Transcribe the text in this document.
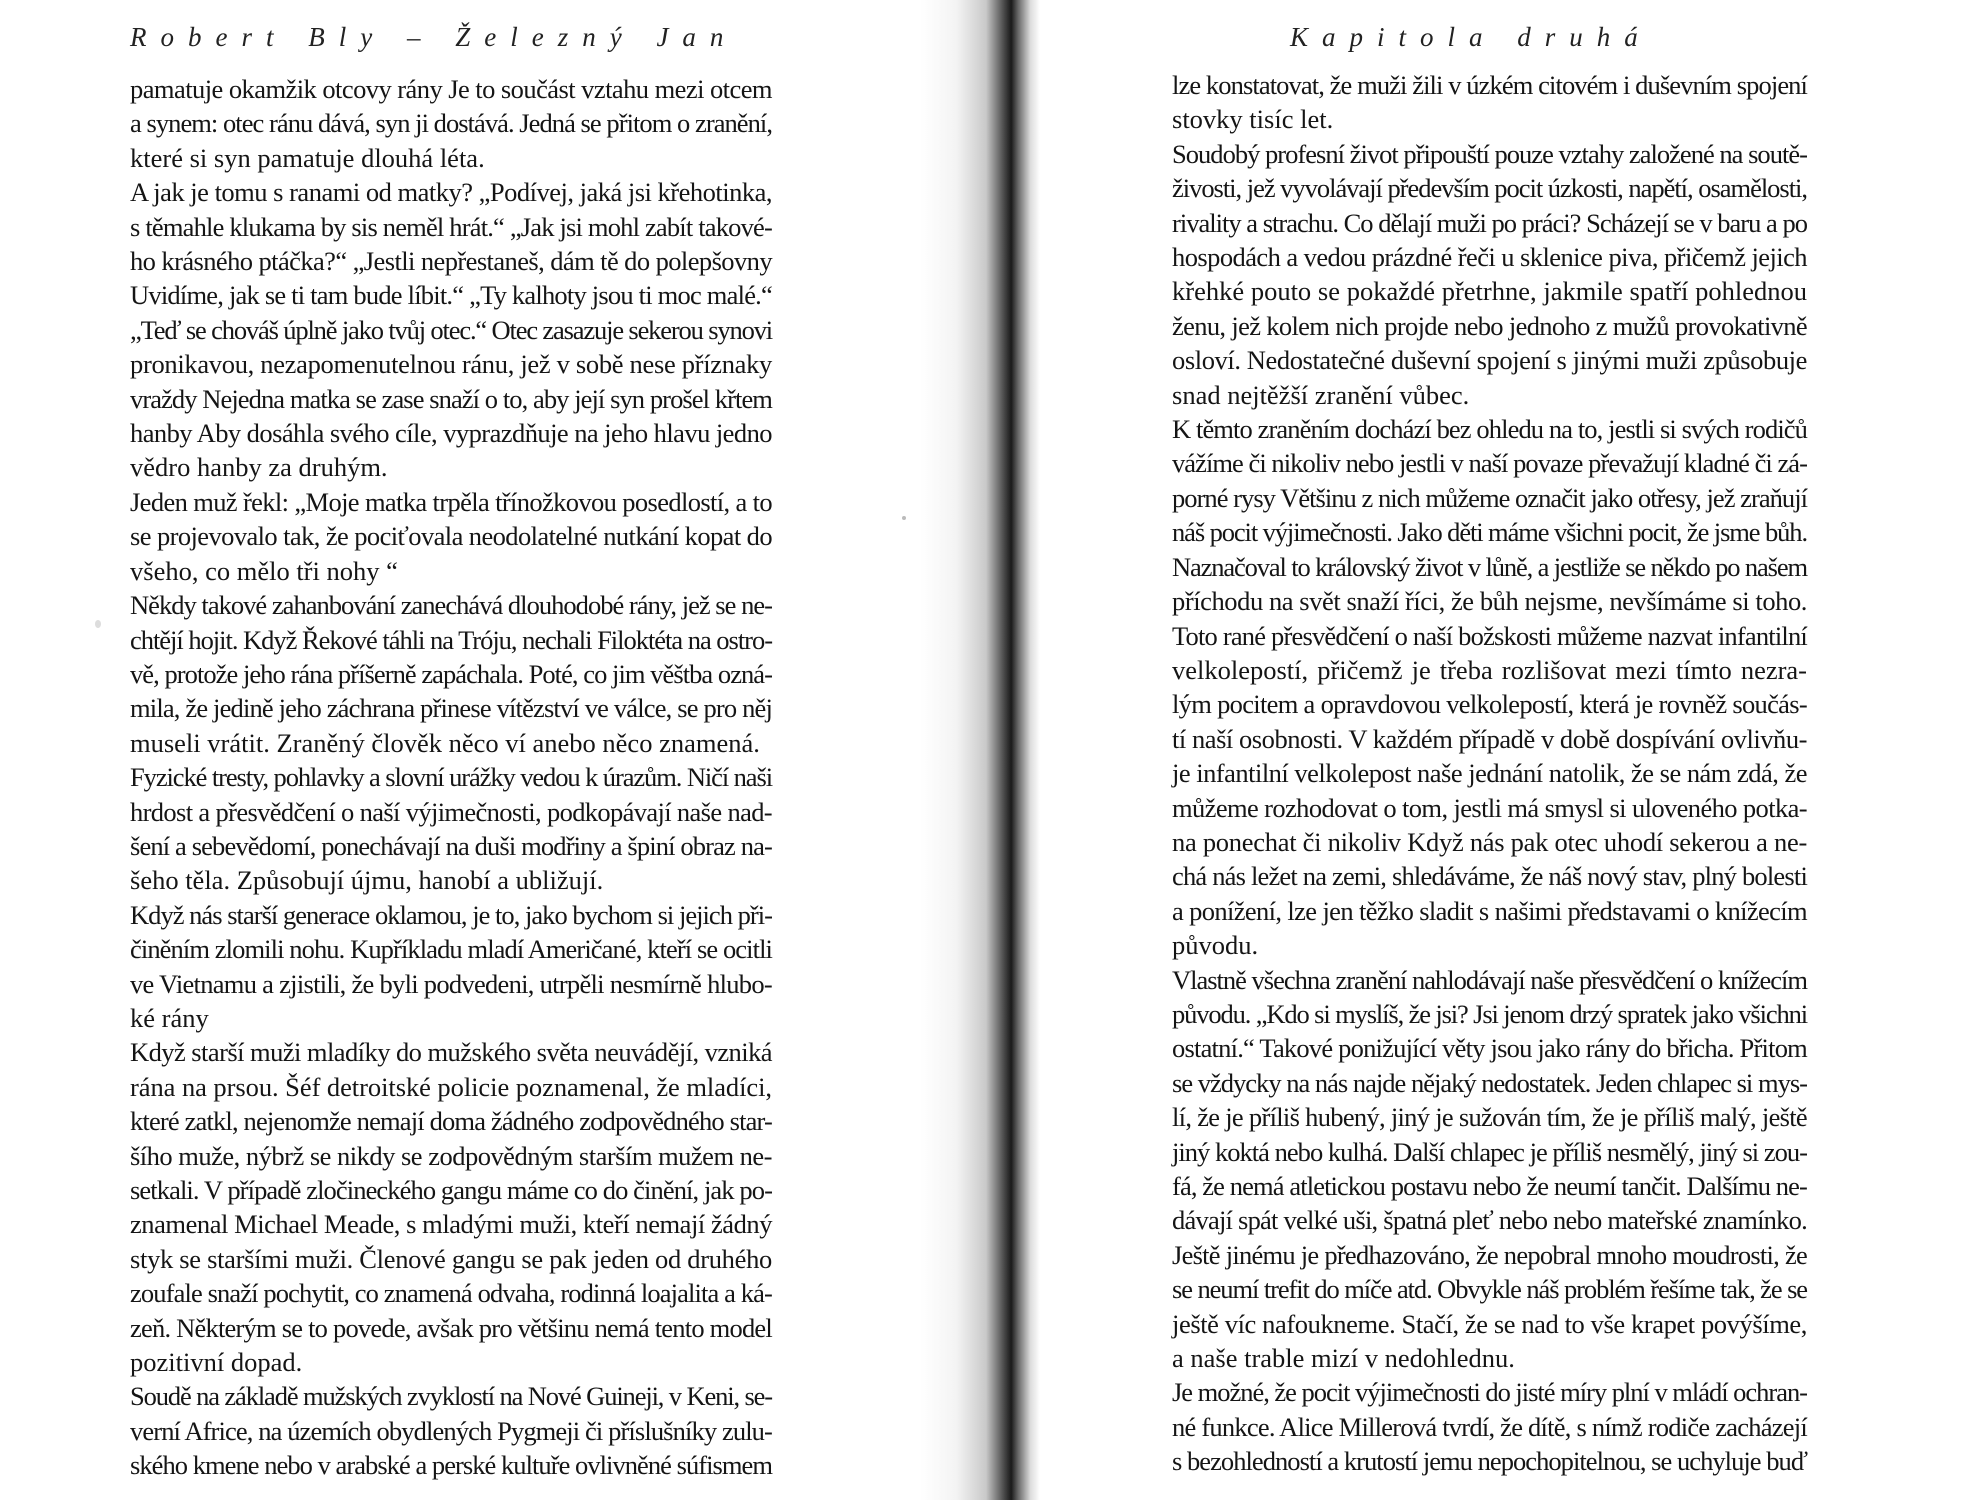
Robert Bly – Železný Jan	Kapitola druhá
pamatuje okamžik otcovy rány Je to součást vztahu mezi otcem
a synem: otec ránu dává, syn ji dostává. Jedná se přitom o zranění,
které si syn pamatuje dlouhá léta.
A jak je tomu s ranami od matky? „Podívej, jaká jsi křehotinka,
s těmahle klukama by sis neměl hrát.“ „Jak jsi mohl zabít takové-
ho krásného ptáčka?“ „Jestli nepřestaneš, dám tě do polepšovny
Uvidíme, jak se ti tam bude líbit.“ „Ty kalhoty jsou ti moc malé.“
„Teď se chováš úplně jako tvůj otec.“ Otec zasazuje sekerou synovi
pronikavou, nezapomenutelnou ránu, jež v sobě nese příznaky
vraždy Nejedna matka se zase snaží o to, aby její syn prošel křtem
hanby Aby dosáhla svého cíle, vyprazdňuje na jeho hlavu jedno
vědro hanby za druhým.
Jeden muž řekl: „Moje matka trpěla třínožkovou posedlostí, a to
se projevovalo tak, že pociťovala neodolatelné nutkání kopat do
všeho, co mělo tři nohy “
Někdy takové zahanbování zanechává dlouhodobé rány, jež se ne-
chtějí hojit. Když Řekové táhli na Tróju, nechali Filoktéta na ostro-
vě, protože jeho rána příšerně zapáchala. Poté, co jim věštba ozná-
mila, že jedině jeho záchrana přinese vítězství ve válce, se pro něj
museli vrátit. Zraněný člověk něco ví anebo něco znamená.
Fyzické tresty, pohlavky a slovní urážky vedou k úrazům. Ničí naši
hrdost a přesvědčení o naší výjimečnosti, podkopávají naše nad-
šení a sebevědomí, ponechávají na duši modřiny a špiní obraz na-
šeho těla. Způsobují újmu, hanobí a ubližují.
Když nás starší generace oklamou, je to, jako bychom si jejich při-
činěním zlomili nohu. Kupříkladu mladí Američané, kteří se ocitli
ve Vietnamu a zjistili, že byli podvedeni, utrpěli nesmírně hlubo-
ké rány
Když starší muži mladíky do mužského světa neuvádějí, vzniká
rána na prsou. Šéf detroitské policie poznamenal, že mladíci,
které zatkl, nejenomže nemají doma žádného zodpovědného star-
šího muže, nýbrž se nikdy se zodpovědným starším mužem ne-
setkali. V případě zločineckého gangu máme co do činění, jak po-
znamenal Michael Meade, s mladými muži, kteří nemají žádný
styk se staršími muži. Členové gangu se pak jeden od druhého
zoufale snaží pochytit, co znamená odvaha, rodinná loajalita a ká-
zeň. Některým se to povede, avšak pro většinu nemá tento model
pozitivní dopad.
Soudě na základě mužských zvyklostí na Nové Guineji, v Keni, se-
verní Africe, na územích obydlených Pygmeji či příslušníky zulu-
ského kmene nebo v arabské a perské kultuře ovlivněné súfismem
lze konstatovat, že muži žili v úzkém citovém i duševním spojení
stovky tisíc let.
Soudobý profesní život připouští pouze vztahy založené na soutě-
živosti, jež vyvolávají především pocit úzkosti, napětí, osamělosti,
rivality a strachu. Co dělají muži po práci? Scházejí se v baru a po
hospodách a vedou prázdné řeči u sklenice piva, přičemž jejich
křehké pouto se pokaždé přetrhne, jakmile spatří pohlednou
ženu, jež kolem nich projde nebo jednoho z mužů provokativně
osloví. Nedostatečné duševní spojení s jinými muži způsobuje
snad nejtěžší zranění vůbec.
K těmto zraněním dochází bez ohledu na to, jestli si svých rodičů
vážíme či nikoliv nebo jestli v naší povaze převažují kladné či zá-
porné rysy Většinu z nich můžeme označit jako otřesy, jež zraňují
náš pocit výjimečnosti. Jako děti máme všichni pocit, že jsme bůh.
Naznačoval to královský život v lůně, a jestliže se někdo po našem
příchodu na svět snaží říci, že bůh nejsme, nevšímáme si toho.
Toto rané přesvědčení o naší božskosti můžeme nazvat infantilní
velkolepostí, přičemž je třeba rozlišovat mezi tímto nezra-
lým pocitem a opravdovou velkolepostí, která je rovněž součás-
tí naší osobnosti. V každém případě v době dospívání ovlivňu-
je infantilní velkolepost naše jednání natolik, že se nám zdá, že
můžeme rozhodovat o tom, jestli má smysl si uloveného potka-
na ponechat či nikoliv Když nás pak otec uhodí sekerou a ne-
chá nás ležet na zemi, shledáváme, že náš nový stav, plný bolesti
a ponížení, lze jen těžko sladit s našimi představami o knížecím
původu.
Vlastně všechna zranění nahlodávají naše přesvědčení o knížecím
původu. „Kdo si myslíš, že jsi? Jsi jenom drzý spratek jako všichni
ostatní.“ Takové ponižující věty jsou jako rány do břicha. Přitom
se vždycky na nás najde nějaký nedostatek. Jeden chlapec si mys-
lí, že je příliš hubený, jiný je sužován tím, že je příliš malý, ještě
jiný koktá nebo kulhá. Další chlapec je příliš nesmělý, jiný si zou-
fá, že nemá atletickou postavu nebo že neumí tančit. Dalšímu ne-
dávají spát velké uši, špatná pleť nebo nebo mateřské znamínko.
Ještě jinému je předhazováno, že nepobral mnoho moudrosti, že
se neumí trefit do míče atd. Obvykle náš problém řešíme tak, že se
ještě víc nafoukneme. Stačí, že se nad to vše krapet povýšíme,
a naše trable mizí v nedohlednu.
Je možné, že pocit výjimečnosti do jisté míry plní v mládí ochran-
né funkce. Alice Millerová tvrdí, že dítě, s nímž rodiče zacházejí
s bezohledností a krutostí jemu nepochopitelnou, se uchyluje buď
